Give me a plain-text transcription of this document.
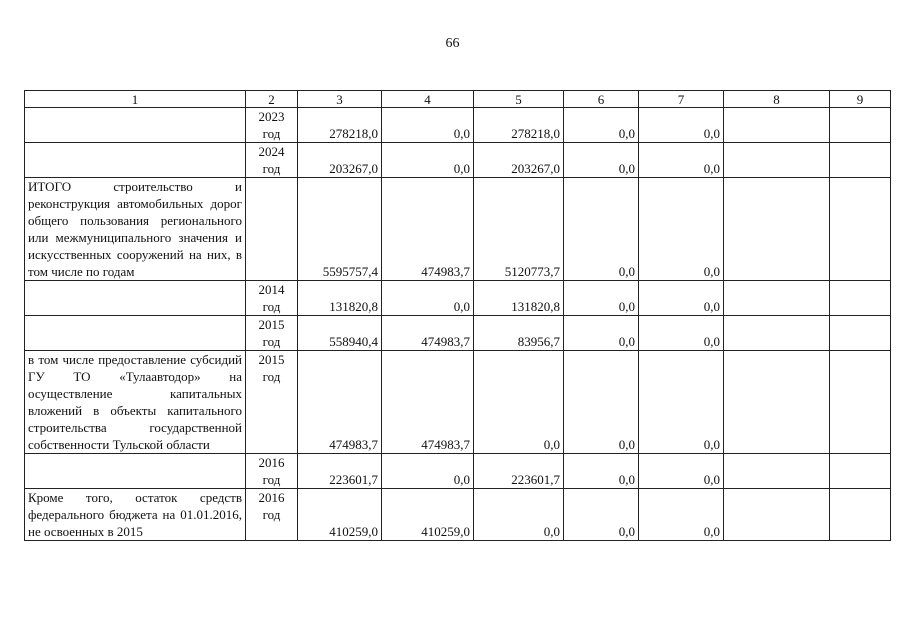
66
1	2	3	4	5	6	7	8	9
	2023 год	278218,0	0,0	278218,0	0,0	0,0		
	2024 год	203267,0	0,0	203267,0	0,0	0,0		
ИТОГО строительство и реконструкция автомобильных дорог общего пользования регионального или межмуниципального значения и искусственных сооружений на них, в том числе по годам		5595757,4	474983,7	5120773,7	0,0	0,0		
	2014 год	131820,8	0,0	131820,8	0,0	0,0		
	2015 год	558940,4	474983,7	83956,7	0,0	0,0		
в том числе предоставление субсидий ГУ ТО «Тулаавтодор» на осуществление капитальных вложений в объекты капитального строительства государственной собственности Тульской области	2015 год	474983,7	474983,7	0,0	0,0	0,0		
	2016 год	223601,7	0,0	223601,7	0,0	0,0		
Кроме того, остаток средств федерального бюджета на 01.01.2016, не освоенных в 2015	2016 год	410259,0	410259,0	0,0	0,0	0,0		
